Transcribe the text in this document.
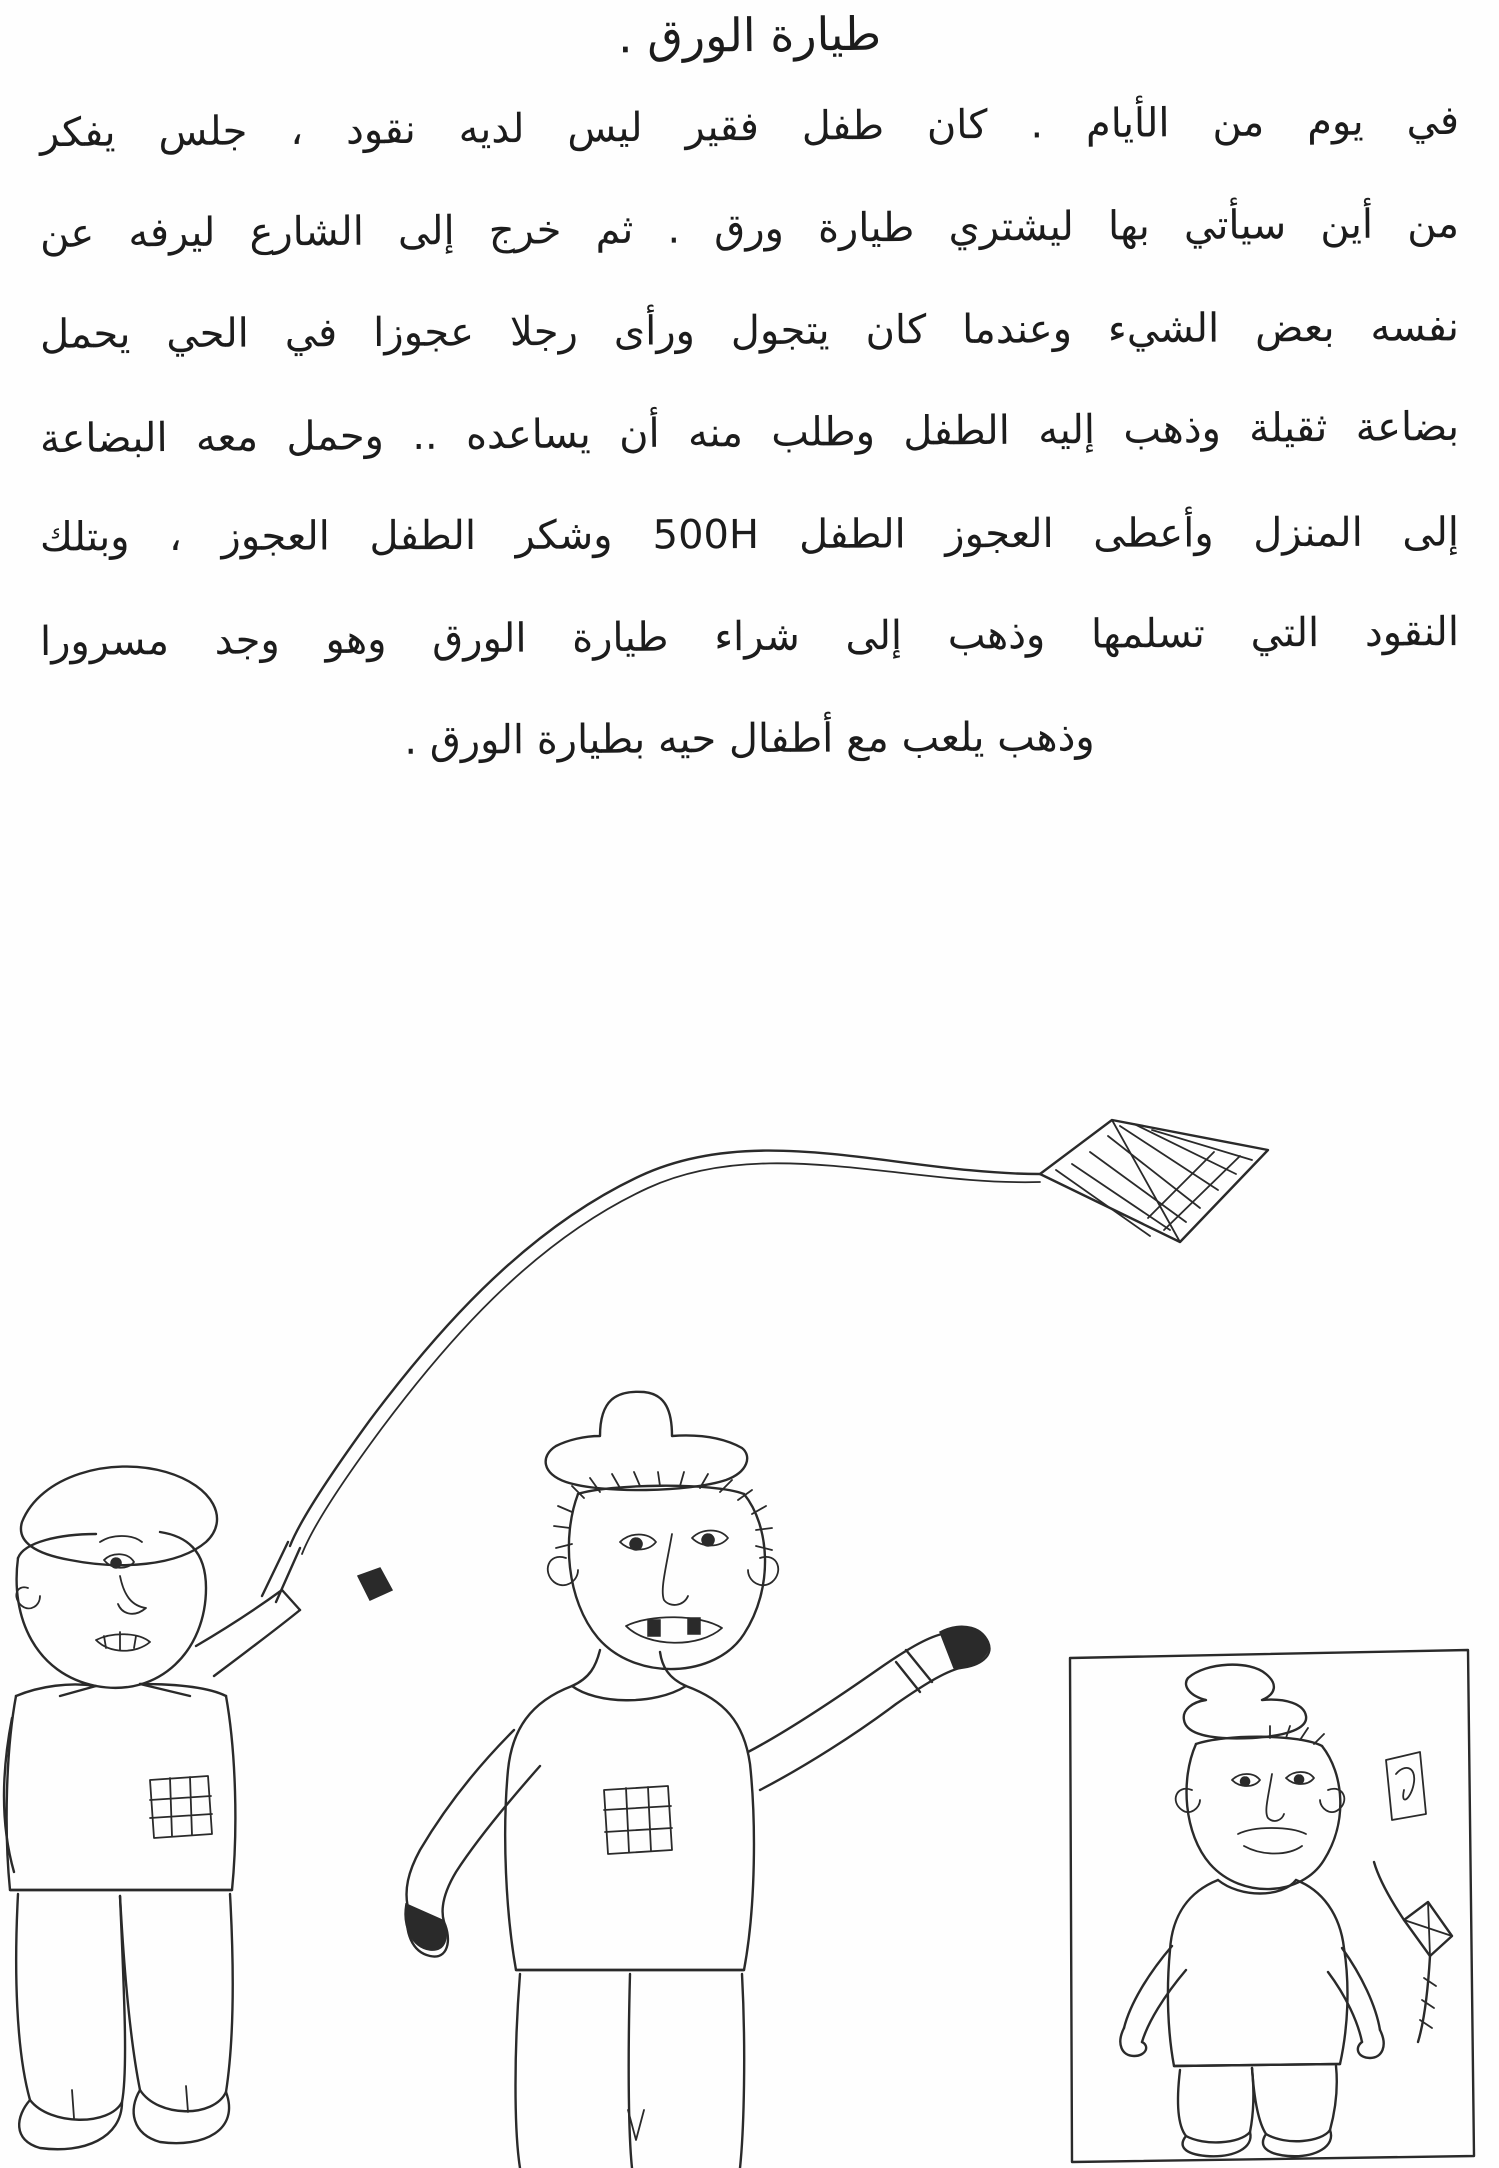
طيارة الورق .
في يوم من الأيام . كان طفل فقير ليس لديه نقود ، جلس يفكر
من أين سيأتي بها ليشتري طيارة ورق . ثم خرج إلى الشارع ليرفه عن
نفسه بعض الشيء وعندما كان يتجول ورأى رجلا عجوزا في الحي يحمل
بضاعة ثقيلة وذهب إليه الطفل وطلب منه أن يساعده .. وحمل معه البضاعة
إلى المنزل وأعطى العجوز الطفل 500H وشكر الطفل العجوز ، وبتلك
النقود التي تسلمها وذهب إلى شراء طيارة الورق وهو وجد مسرورا
وذهب يلعب مع أطفال حيه بطيارة الورق .
